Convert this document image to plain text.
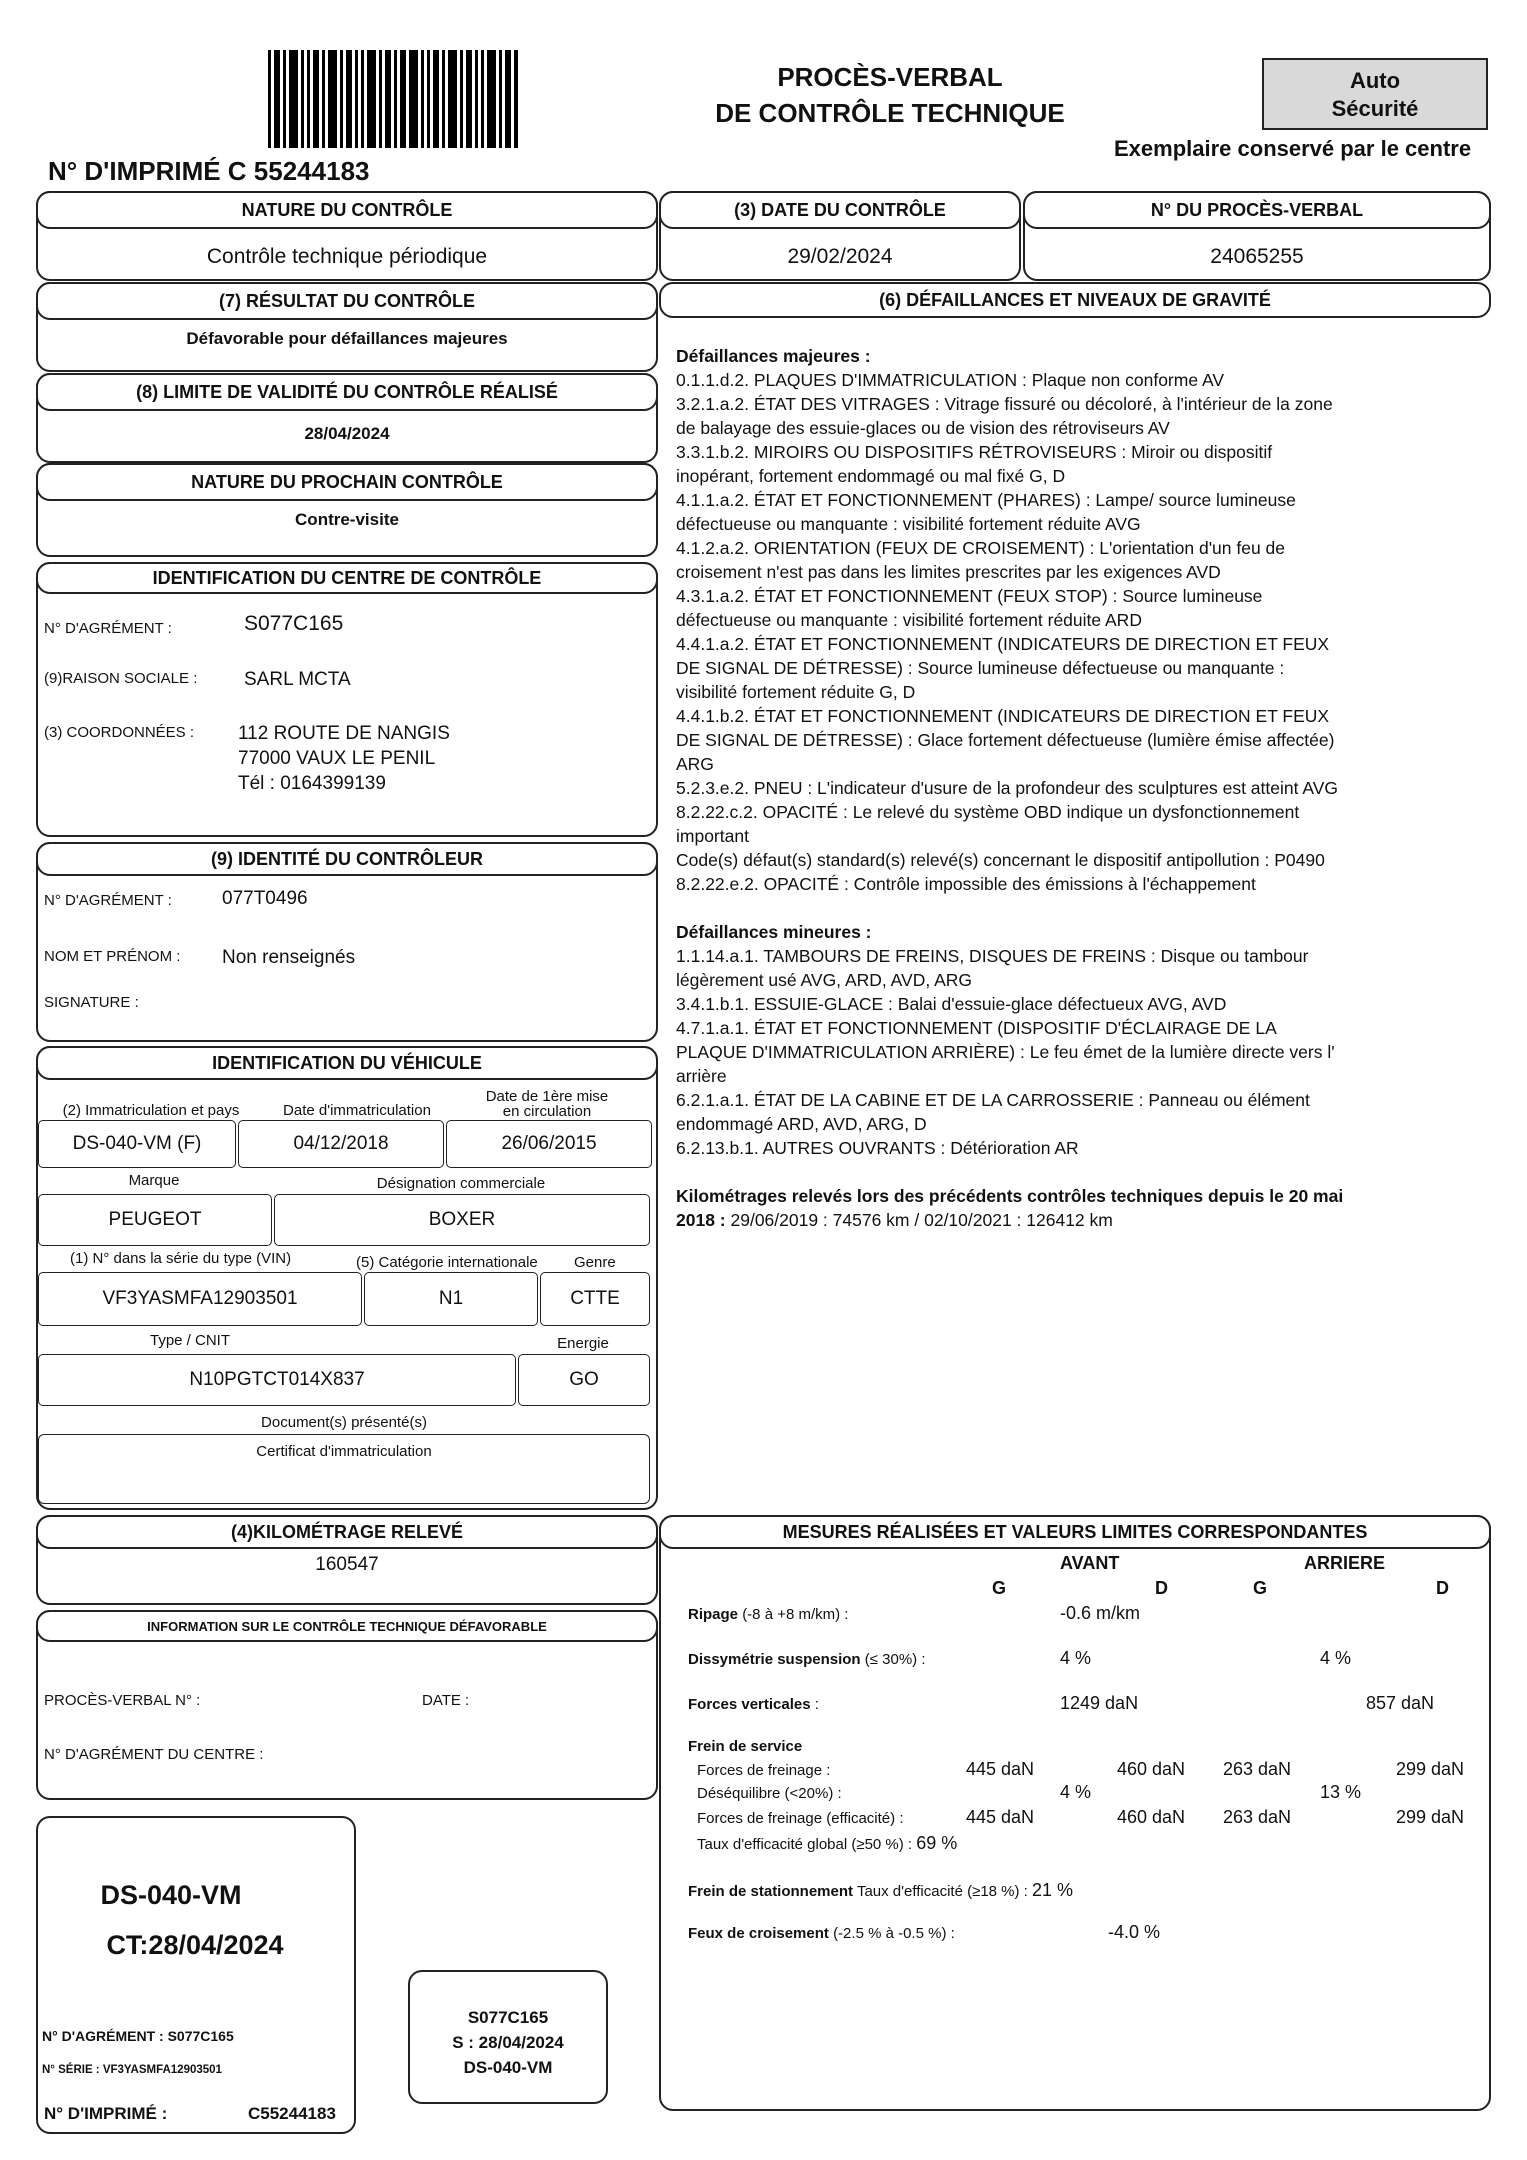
N° D'IMPRIMÉ C 55244183
PROCÈS-VERBAL
DE CONTRÔLE TECHNIQUE
Auto
Sécurité
Exemplaire conservé par le centre
NATURE DU CONTRÔLE
Contrôle technique périodique
(3) DATE DU CONTRÔLE
29/02/2024
N° DU PROCÈS-VERBAL
24065255
(7) RÉSULTAT DU CONTRÔLE
Défavorable pour défaillances majeures
(8) LIMITE DE VALIDITÉ DU CONTRÔLE RÉALISÉ
28/04/2024
NATURE DU PROCHAIN CONTRÔLE
Contre-visite
IDENTIFICATION DU CENTRE DE CONTRÔLE
N° D'AGRÉMENT :	S077C165
(9)RAISON SOCIALE : SARL MCTA
(3) COORDONNÉES : 112 ROUTE DE NANGIS
77000 VAUX LE PENIL
Tél : 0164399139
(9) IDENTITÉ DU CONTRÔLEUR
N° D'AGRÉMENT :	077T0496
NOM ET PRÉNOM : Non renseignés
SIGNATURE :
IDENTIFICATION DU VÉHICULE
(2) Immatriculation et pays	Date d'immatriculation
Date de 1ère mise
en circulation
DS-040-VM (F)	04/12/2018	26/06/2015
Marque	Désignation commerciale
PEUGEOT	BOXER
(1) N° dans la série du type (VIN)	(5) Catégorie internationale Genre
VF3YASMFA12903501	N1	CTTE
Type / CNIT	Energie
N10PGTCT014X837	GO
Document(s) présenté(s)
Certificat d'immatriculation
(4)KILOMÉTRAGE RELEVÉ
160547
INFORMATION SUR LE CONTRÔLE TECHNIQUE DÉFAVORABLE
PROCÈS-VERBAL N° :	DATE :
N° D'AGRÉMENT DU CENTRE :
DS-040-VM
CT:28/04/2024
N° D'AGRÉMENT : S077C165
N° SÉRIE : VF3YASMFA12903501
N° D'IMPRIMÉ :	C55244183
S077C165
S : 28/04/2024
DS-040-VM
(6) DÉFAILLANCES ET NIVEAUX DE GRAVITÉ
Défaillances majeures :
0.1.1.d.2. PLAQUES D'IMMATRICULATION : Plaque non conforme AV
3.2.1.a.2. ÉTAT DES VITRAGES : Vitrage fissuré ou décoloré, à l'intérieur de la zone
de balayage des essuie-glaces ou de vision des rétroviseurs AV
3.3.1.b.2. MIROIRS OU DISPOSITIFS RÉTROVISEURS : Miroir ou dispositif
inopérant, fortement endommagé ou mal fixé G, D
4.1.1.a.2. ÉTAT ET FONCTIONNEMENT (PHARES) : Lampe/ source lumineuse
défectueuse ou manquante : visibilité fortement réduite AVG
4.1.2.a.2. ORIENTATION (FEUX DE CROISEMENT) : L'orientation d'un feu de
croisement n'est pas dans les limites prescrites par les exigences AVD
4.3.1.a.2. ÉTAT ET FONCTIONNEMENT (FEUX STOP) : Source lumineuse
défectueuse ou manquante : visibilité fortement réduite ARD
4.4.1.a.2. ÉTAT ET FONCTIONNEMENT (INDICATEURS DE DIRECTION ET FEUX
DE SIGNAL DE DÉTRESSE) : Source lumineuse défectueuse ou manquante :
visibilité fortement réduite G, D
4.4.1.b.2. ÉTAT ET FONCTIONNEMENT (INDICATEURS DE DIRECTION ET FEUX
DE SIGNAL DE DÉTRESSE) : Glace fortement défectueuse (lumière émise affectée)
ARG
5.2.3.e.2. PNEU : L'indicateur d'usure de la profondeur des sculptures est atteint AVG
8.2.22.c.2. OPACITÉ : Le relevé du système OBD indique un dysfonctionnement
important
Code(s) défaut(s) standard(s) relevé(s) concernant le dispositif antipollution : P0490
8.2.22.e.2. OPACITÉ : Contrôle impossible des émissions à l'échappement
Défaillances mineures :
1.1.14.a.1. TAMBOURS DE FREINS, DISQUES DE FREINS : Disque ou tambour
légèrement usé AVG, ARD, AVD, ARG
3.4.1.b.1. ESSUIE-GLACE : Balai d'essuie-glace défectueux AVG, AVD
4.7.1.a.1. ÉTAT ET FONCTIONNEMENT (DISPOSITIF D'ÉCLAIRAGE DE LA
PLAQUE D'IMMATRICULATION ARRIÈRE) : Le feu émet de la lumière directe vers l'
arrière
6.2.1.a.1. ÉTAT DE LA CABINE ET DE LA CARROSSERIE : Panneau ou élément
endommagé ARD, AVD, ARG, D
6.2.13.b.1. AUTRES OUVRANTS : Détérioration AR
Kilométrages relevés lors des précédents contrôles techniques depuis le 20 mai
2018 : 29/06/2019 : 74576 km / 02/10/2021 : 126412 km
MESURES RÉALISÉES ET VALEURS LIMITES CORRESPONDANTES
AVANT	ARRIERE
G	D	G	D
Ripage (-8 à +8 m/km) :	-0.6 m/km
Dissymétrie suspension (≤ 30%) :	4 %	4 %
Forces verticales :	1249 daN	857 daN
Frein de service
Forces de freinage :	445 daN	460 daN 263 daN	299 daN
Déséquilibre (<20%) :	4 %	13 %
Forces de freinage (efficacité) :	445 daN	460 daN 263 daN	299 daN
Taux d'efficacité global (≥50 %) : 69 %
Frein de stationnement Taux d'efficacité (≥18 %) : 21 %
Feux de croisement (-2.5 % à -0.5 %) :	-4.0 %
